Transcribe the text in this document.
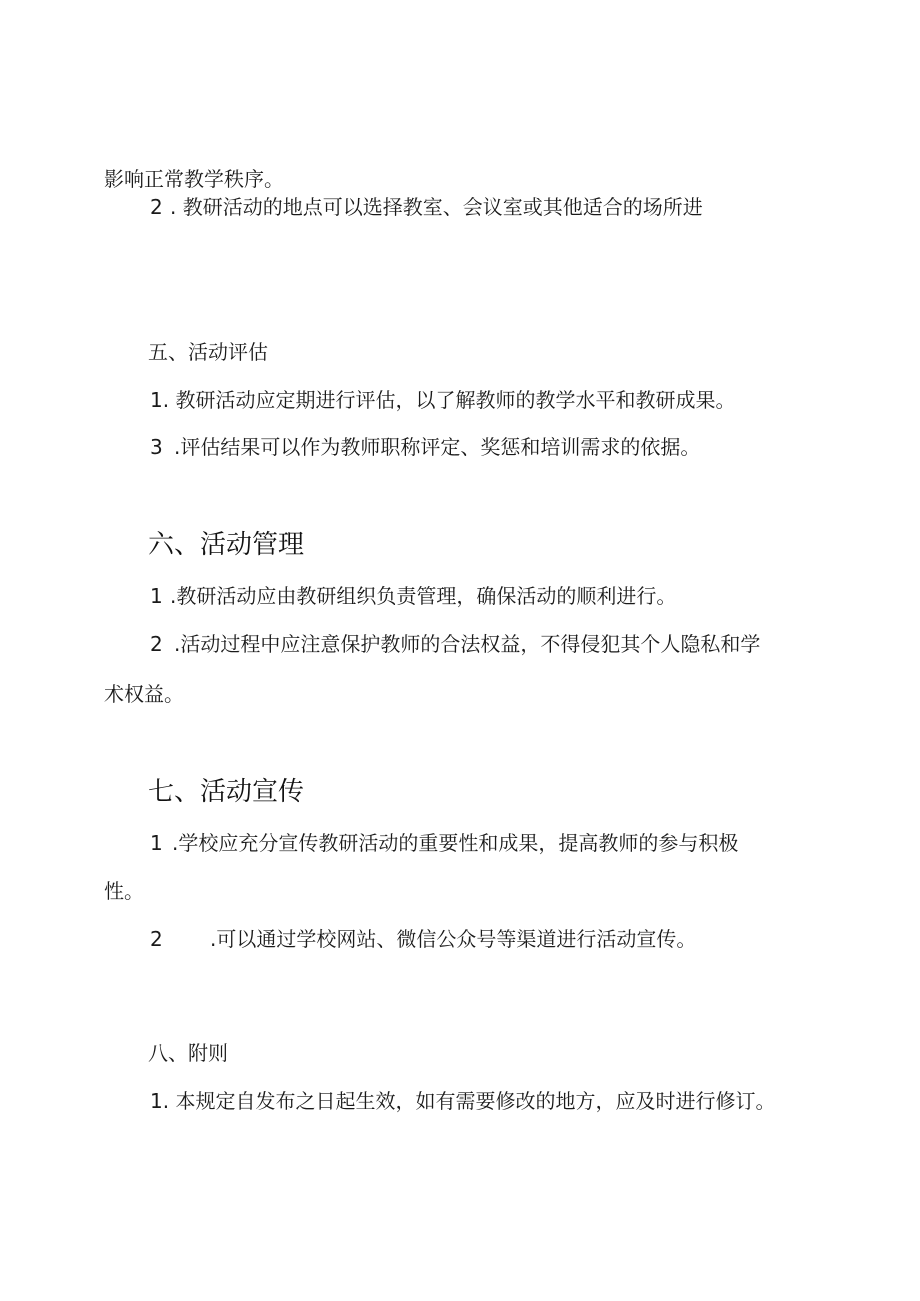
影响正常教学秩序。

2 . 教研活动的地点可以选择教室、会议室或其他适合的场所进

五、活动评估

1. 教研活动应定期进行评估，以了解教师的教学水平和教研成果。

3 .评估结果可以作为教师职称评定、奖惩和培训需求的依据。

六、活动管理

1 .教研活动应由教研组织负责管理，确保活动的顺利进行。

2 .活动过程中应注意保护教师的合法权益，不得侵犯其个人隐私和学

术权益。

七、活动宣传

1 .学校应充分宣传教研活动的重要性和成果，提高教师的参与积极

性。

2 .可以通过学校网站、微信公众号等渠道进行活动宣传。

八、附则

1. 本规定自发布之日起生效，如有需要修改的地方，应及时进行修订。
